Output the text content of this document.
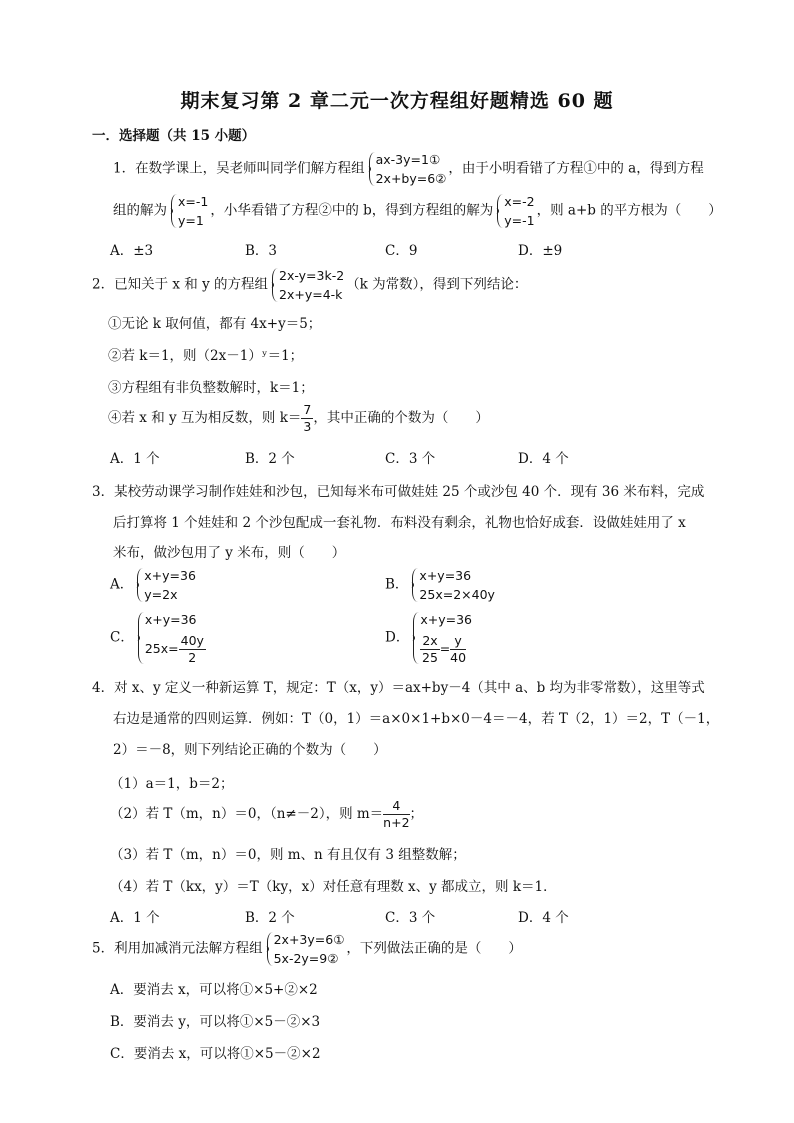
期末复习第 2 章二元一次方程组好题精选 60 题
一．选择题（共 15 小题）
1．在数学课上，吴老师叫同学们解方程组
ax-3y=1①
2x+by=6②
，由于小明看错了方程①中的 a，得到方程
组的解为
x=-1
y=1
，小华看错了方程②中的 b，得到方程组的解为
x=-2
y=-1
，则 a+b 的平方根为（　　）
A．±3	B．3	C．9	D．±9
2．已知关于 x 和 y 的方程组
2x-y=3k-2
2x+y=4-k
（k 为常数），得到下列结论：
①无论 k 取何值，都有 4x+y＝5；
②若 k＝1，则（2x－1）ʸ＝1；
③方程组有非负整数解时，k＝1；
④若 x 和 y 互为相反数，则 $k= \frac{7}{3}$ ，其中正确的个数为（　　）
A．1 个	B．2 个	C．3 个	D．4 个
3．某校劳动课学习制作娃娃和沙包，已知每米布可做娃娃 25 个或沙包 40 个．现有 36 米布料，完成
后打算将 1 个娃娃和 2 个沙包配成一套礼物．布料没有剩余，礼物也恰好成套．设做娃娃用了 x
米布，做沙包用了 y 米布，则（　　）
A．
x+y=36
y=2x
B．
x+y=36
25x=2×40y
C．
x+y=36
$25x= \frac{40y}{2}$	D．
x+y=36
$\frac{2x}{25} = \frac{y}{40}$
4．对 x、y 定义一种新运算 T，规定：T（x，y）＝ax+by－4（其中 a、b 均为非零常数），这里等式
右边是通常的四则运算．例如：T（0，1）＝a×0×1+b×0－4＝－4，若 T（2，1）＝2，T（－1，
2）＝－8，则下列结论正确的个数为（　　）
（1）a＝1，b＝2；
（2）若 T（m，n）＝0，（n≠－2），则 $m= \frac{4}{n+2}$ ；
（3）若 T（m，n）＝0，则 m、n 有且仅有 3 组整数解；
（4）若 T（kx，y）＝T（ky，x）对任意有理数 x、y 都成立，则 k＝1．
A．1 个	B．2 个	C．3 个	D．4 个
5．利用加减消元法解方程组
2x+3y=6①
5x-2y=9②
，下列做法正确的是（　　）
A．要消去 x，可以将①×5+②×2
B．要消去 y，可以将①×5－②×3
C．要消去 x，可以将①×5－②×2
